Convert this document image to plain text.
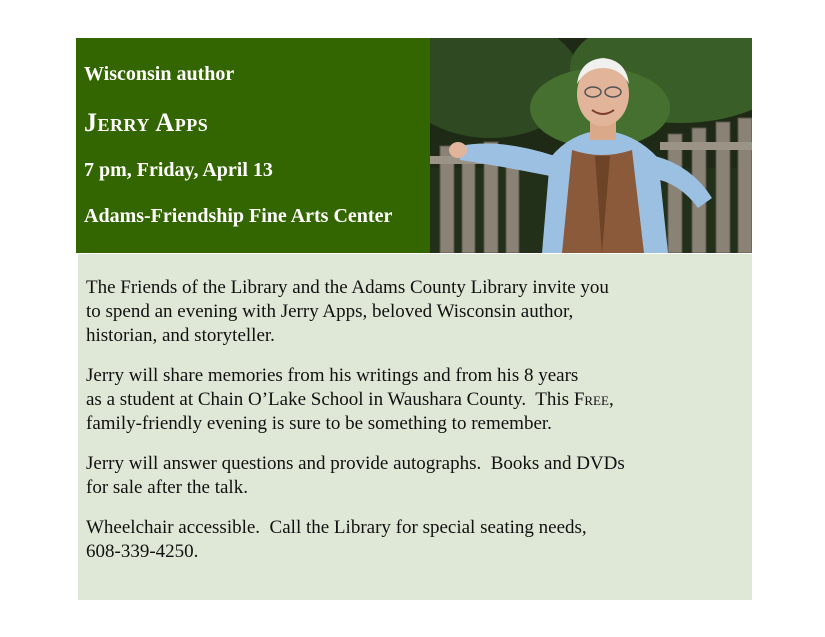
Wisconsin author
Jerry Apps
7 pm, Friday, April 13
Adams-Friendship Fine Arts Center

The Friends of the Library and the Adams County Library invite you
to spend an evening with Jerry Apps, beloved Wisconsin author,
historian, and storyteller.

Jerry will share memories from his writings and from his 8 years
as a student at Chain O’Lake School in Waushara County.  This Free,
family-friendly evening is sure to be something to remember.

Jerry will answer questions and provide autographs.  Books and DVDs
for sale after the talk.

Wheelchair accessible.  Call the Library for special seating needs,
608-339-4250.
